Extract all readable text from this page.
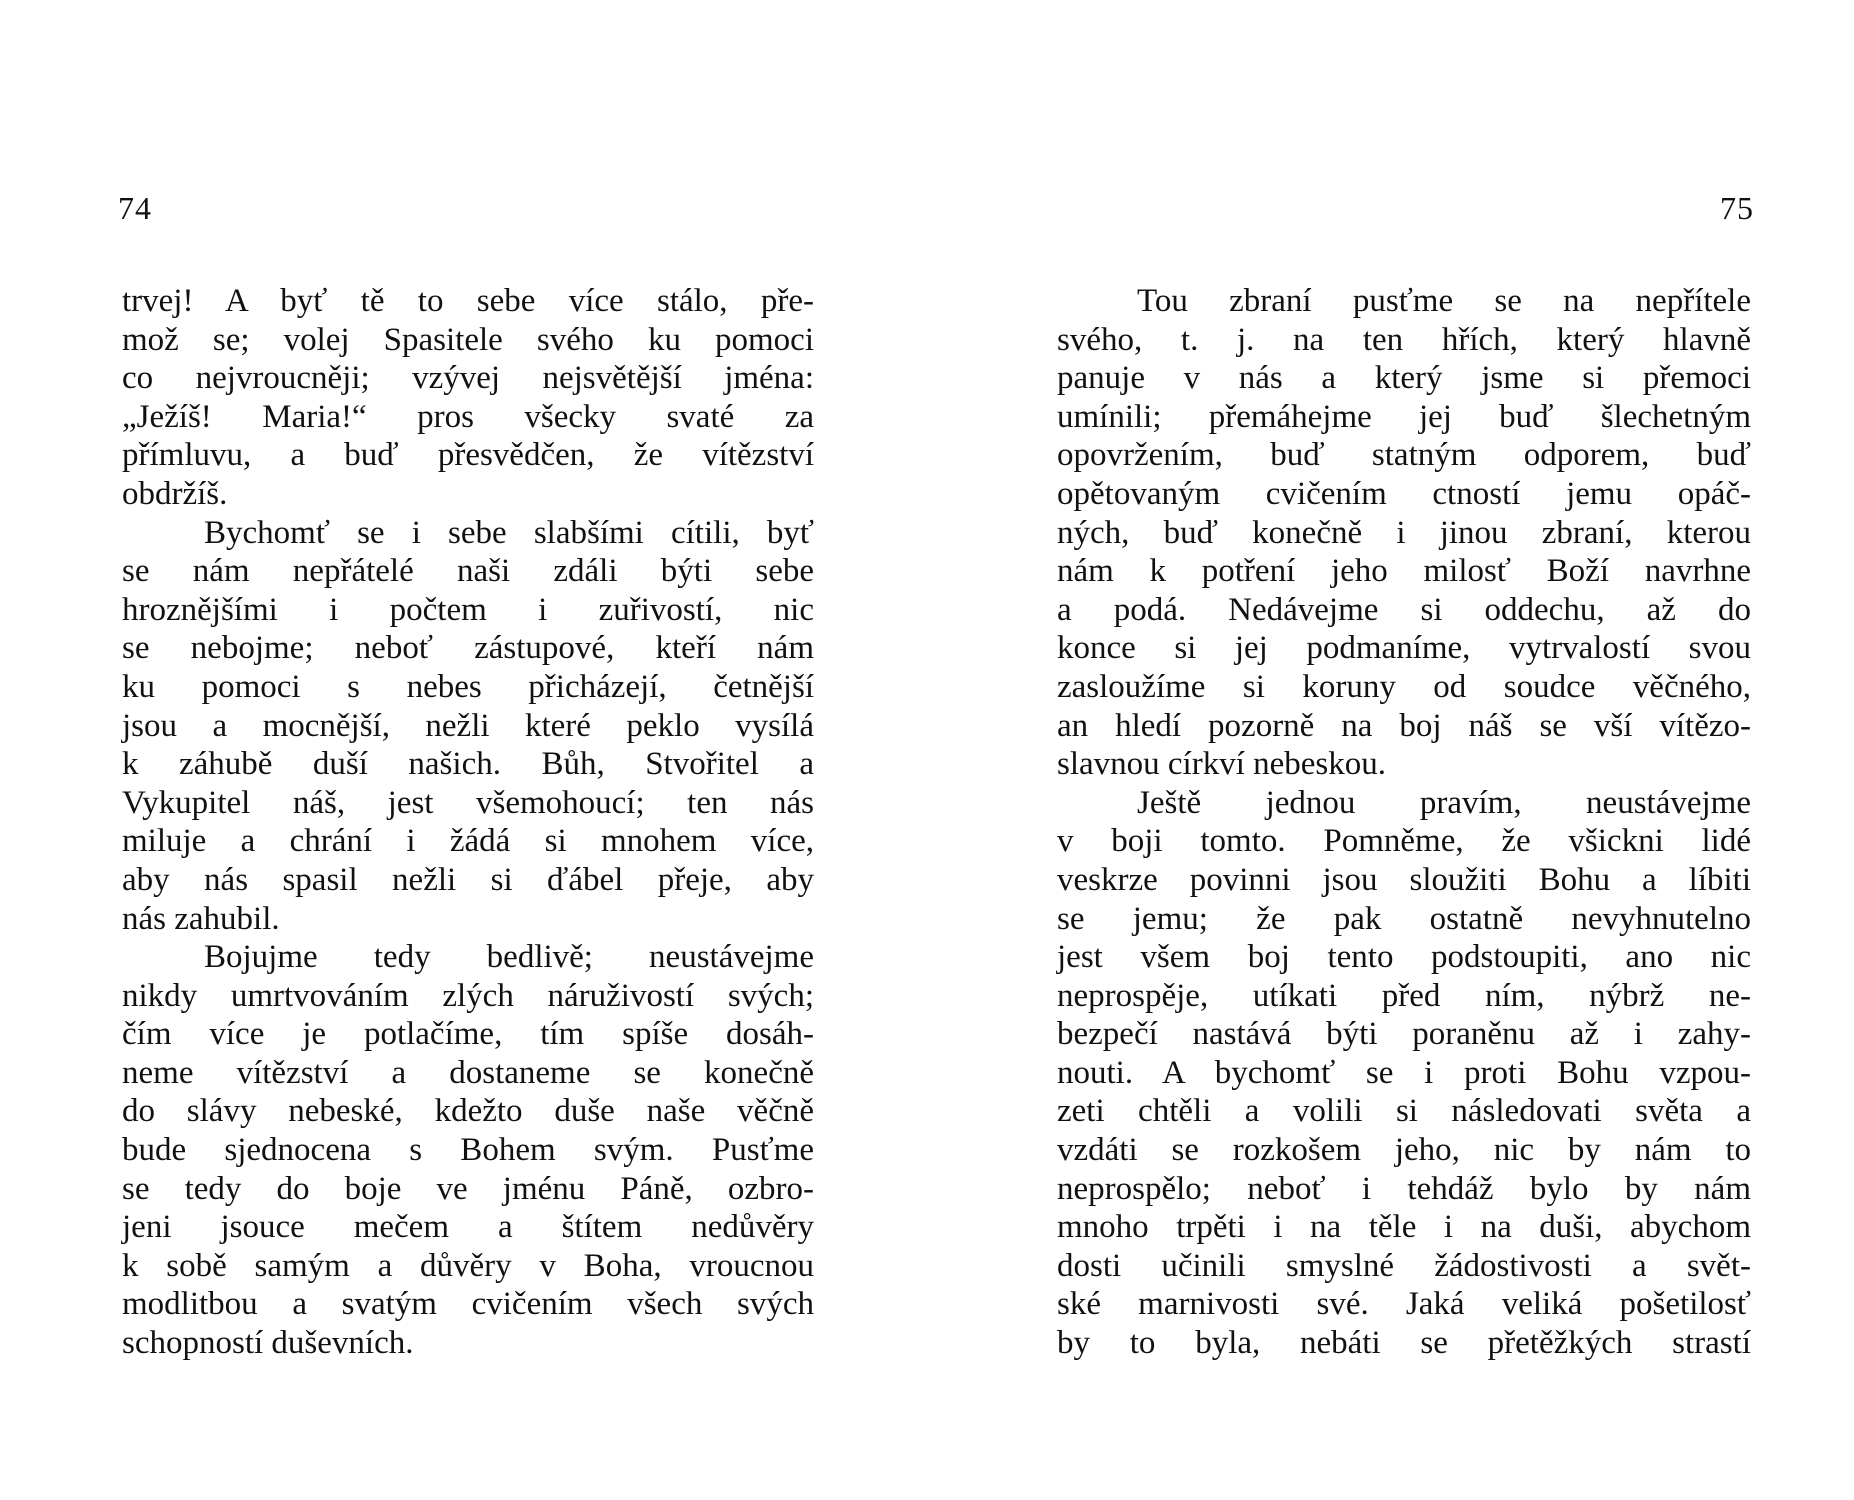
74
trvej! A byť tě to sebe více stálo, pře-
mož se; volej Spasitele svého ku pomoci
co nejvroucněji; vzývej nejsvětější jména:
„Ježíš! Maria!“ pros všecky svaté za
přímluvu, a buď přesvědčen, že vítězství
obdržíš.
Bychomť se i sebe slabšími cítili, byť
se nám nepřátelé naši zdáli býti sebe
hroznějšími i počtem i zuřivostí, nic
se nebojme; neboť zástupové, kteří nám
ku pomoci s nebes přicházejí, četnější
jsou a mocnější, nežli které peklo vysílá
k záhubě duší našich. Bůh, Stvořitel a
Vykupitel náš, jest všemohoucí; ten nás
miluje a chrání i žádá si mnohem více,
aby nás spasil nežli si ďábel přeje, aby
nás zahubil.
Bojujme tedy bedlivě; neustávejme
nikdy umrtvováním zlých náruživostí svých;
čím více je potlačíme, tím spíše dosáh-
neme vítězství a dostaneme se konečně
do slávy nebeské, kdežto duše naše věčně
bude sjednocena s Bohem svým. Pusťme
se tedy do boje ve jménu Páně, ozbro-
jeni jsouce mečem a štítem nedůvěry
k sobě samým a důvěry v Boha, vroucnou
modlitbou a svatým cvičením všech svých
schopností duševních.
75
Tou zbraní pusťme se na nepřítele
svého, t. j. na ten hřích, který hlavně
panuje v nás a který jsme si přemoci
umínili; přemáhejme jej buď šlechetným
opovržením, buď statným odporem, buď
opětovaným cvičením ctností jemu opáč-
ných, buď konečně i jinou zbraní, kterou
nám k potření jeho milosť Boží navrhne
a podá. Nedávejme si oddechu, až do
konce si jej podmaníme, vytrvalostí svou
zasloužíme si koruny od soudce věčného,
an hledí pozorně na boj náš se vší vítězo-
slavnou církví nebeskou.
Ještě jednou pravím, neustávejme
v boji tomto. Pomněme, že všickni lidé
veskrze povinni jsou sloužiti Bohu a líbiti
se jemu; že pak ostatně nevyhnutelno
jest všem boj tento podstoupiti, ano nic
neprospěje, utíkati před ním, nýbrž ne-
bezpečí nastává býti poraněnu až i zahy-
nouti. A bychomť se i proti Bohu vzpou-
zeti chtěli a volili si následovati světa a
vzdáti se rozkošem jeho, nic by nám to
neprospělo; neboť i tehdáž bylo by nám
mnoho trpěti i na těle i na duši, abychom
dosti učinili smyslné žádostivosti a svět-
ské marnivosti své. Jaká veliká pošetilosť
by to byla, nebáti se přetěžkých strastí
